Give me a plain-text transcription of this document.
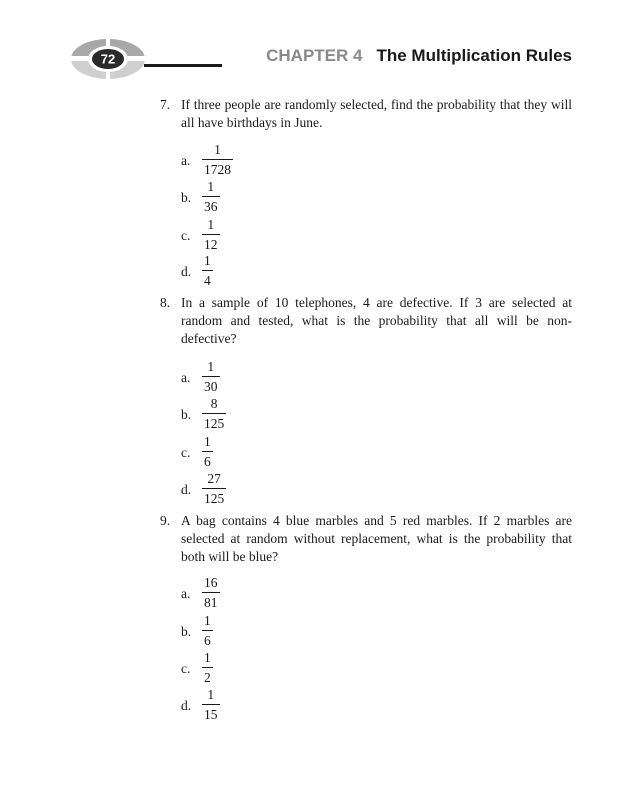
72	CHAPTER 4 The Multiplication Rules
7. If three people are randomly selected, find the probability that they will all have birthdays in June.
a.
1
1728
b.
1
36
c.
1
12
d.
1
4
8. In a sample of 10 telephones, 4 are defective. If 3 are selected at random and tested, what is the probability that all will be non-defective?
a.
1
30
b.
8
125
c.
1
6
d.
27
125
9. A bag contains 4 blue marbles and 5 red marbles. If 2 marbles are selected at random without replacement, what is the probability that both will be blue?
a.
16
81
b.
1
6
c.
1
2
d.
1
15
